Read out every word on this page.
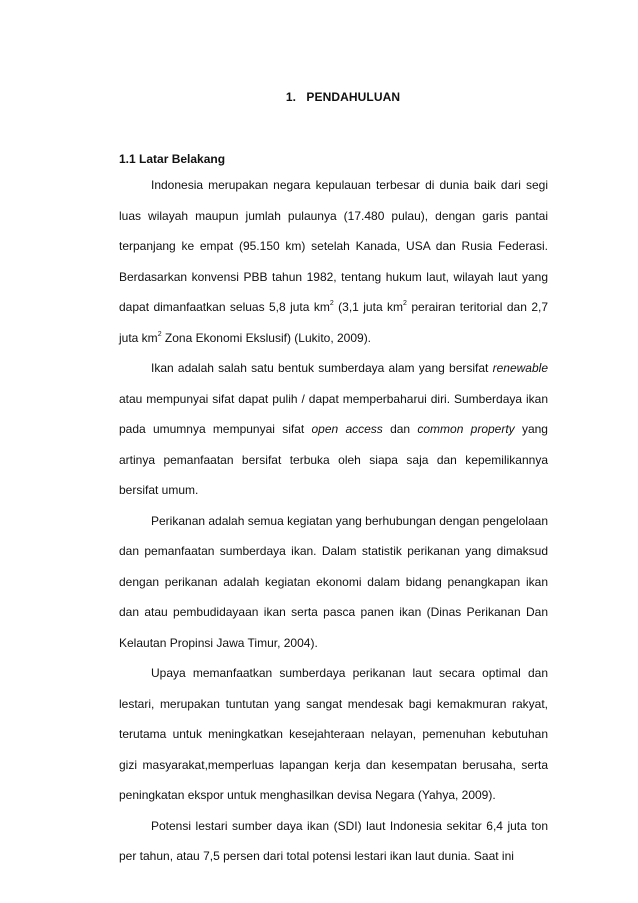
1. PENDAHULUAN
1.1 Latar Belakang

Indonesia merupakan negara kepulauan terbesar di dunia baik dari segi luas wilayah maupun jumlah pulaunya (17.480 pulau), dengan garis pantai terpanjang ke empat (95.150 km) setelah Kanada, USA dan Rusia Federasi. Berdasarkan konvensi PBB tahun 1982, tentang hukum laut, wilayah laut yang dapat dimanfaatkan seluas 5,8 juta $km^2$ (3,1 juta $km^2$ perairan teritorial dan 2,7 juta $km^2$ Zona Ekonomi Ekslusif) (Lukito, 2009).

Ikan adalah salah satu bentuk sumberdaya alam yang bersifat renewable atau mempunyai sifat dapat pulih / dapat memperbaharui diri. Sumberdaya ikan pada umumnya mempunyai sifat open access dan common property yang artinya pemanfaatan bersifat terbuka oleh siapa saja dan kepemilikannya bersifat umum.

Perikanan adalah semua kegiatan yang berhubungan dengan pengelolaan dan pemanfaatan sumberdaya ikan. Dalam statistik perikanan yang dimaksud dengan perikanan adalah kegiatan ekonomi dalam bidang penangkapan ikan dan atau pembudidayaan ikan serta pasca panen ikan (Dinas Perikanan Dan Kelautan Propinsi Jawa Timur, 2004).

Upaya memanfaatkan sumberdaya perikanan laut secara optimal dan lestari, merupakan tuntutan yang sangat mendesak bagi kemakmuran rakyat, terutama untuk meningkatkan kesejahteraan nelayan, pemenuhan kebutuhan gizi masyarakat,memperluas lapangan kerja dan kesempatan berusaha, serta peningkatan ekspor untuk menghasilkan devisa Negara (Yahya, 2009).

Potensi lestari sumber daya ikan (SDI) laut Indonesia sekitar 6,4 juta ton per tahun, atau 7,5 persen dari total potensi lestari ikan laut dunia. Saat ini
